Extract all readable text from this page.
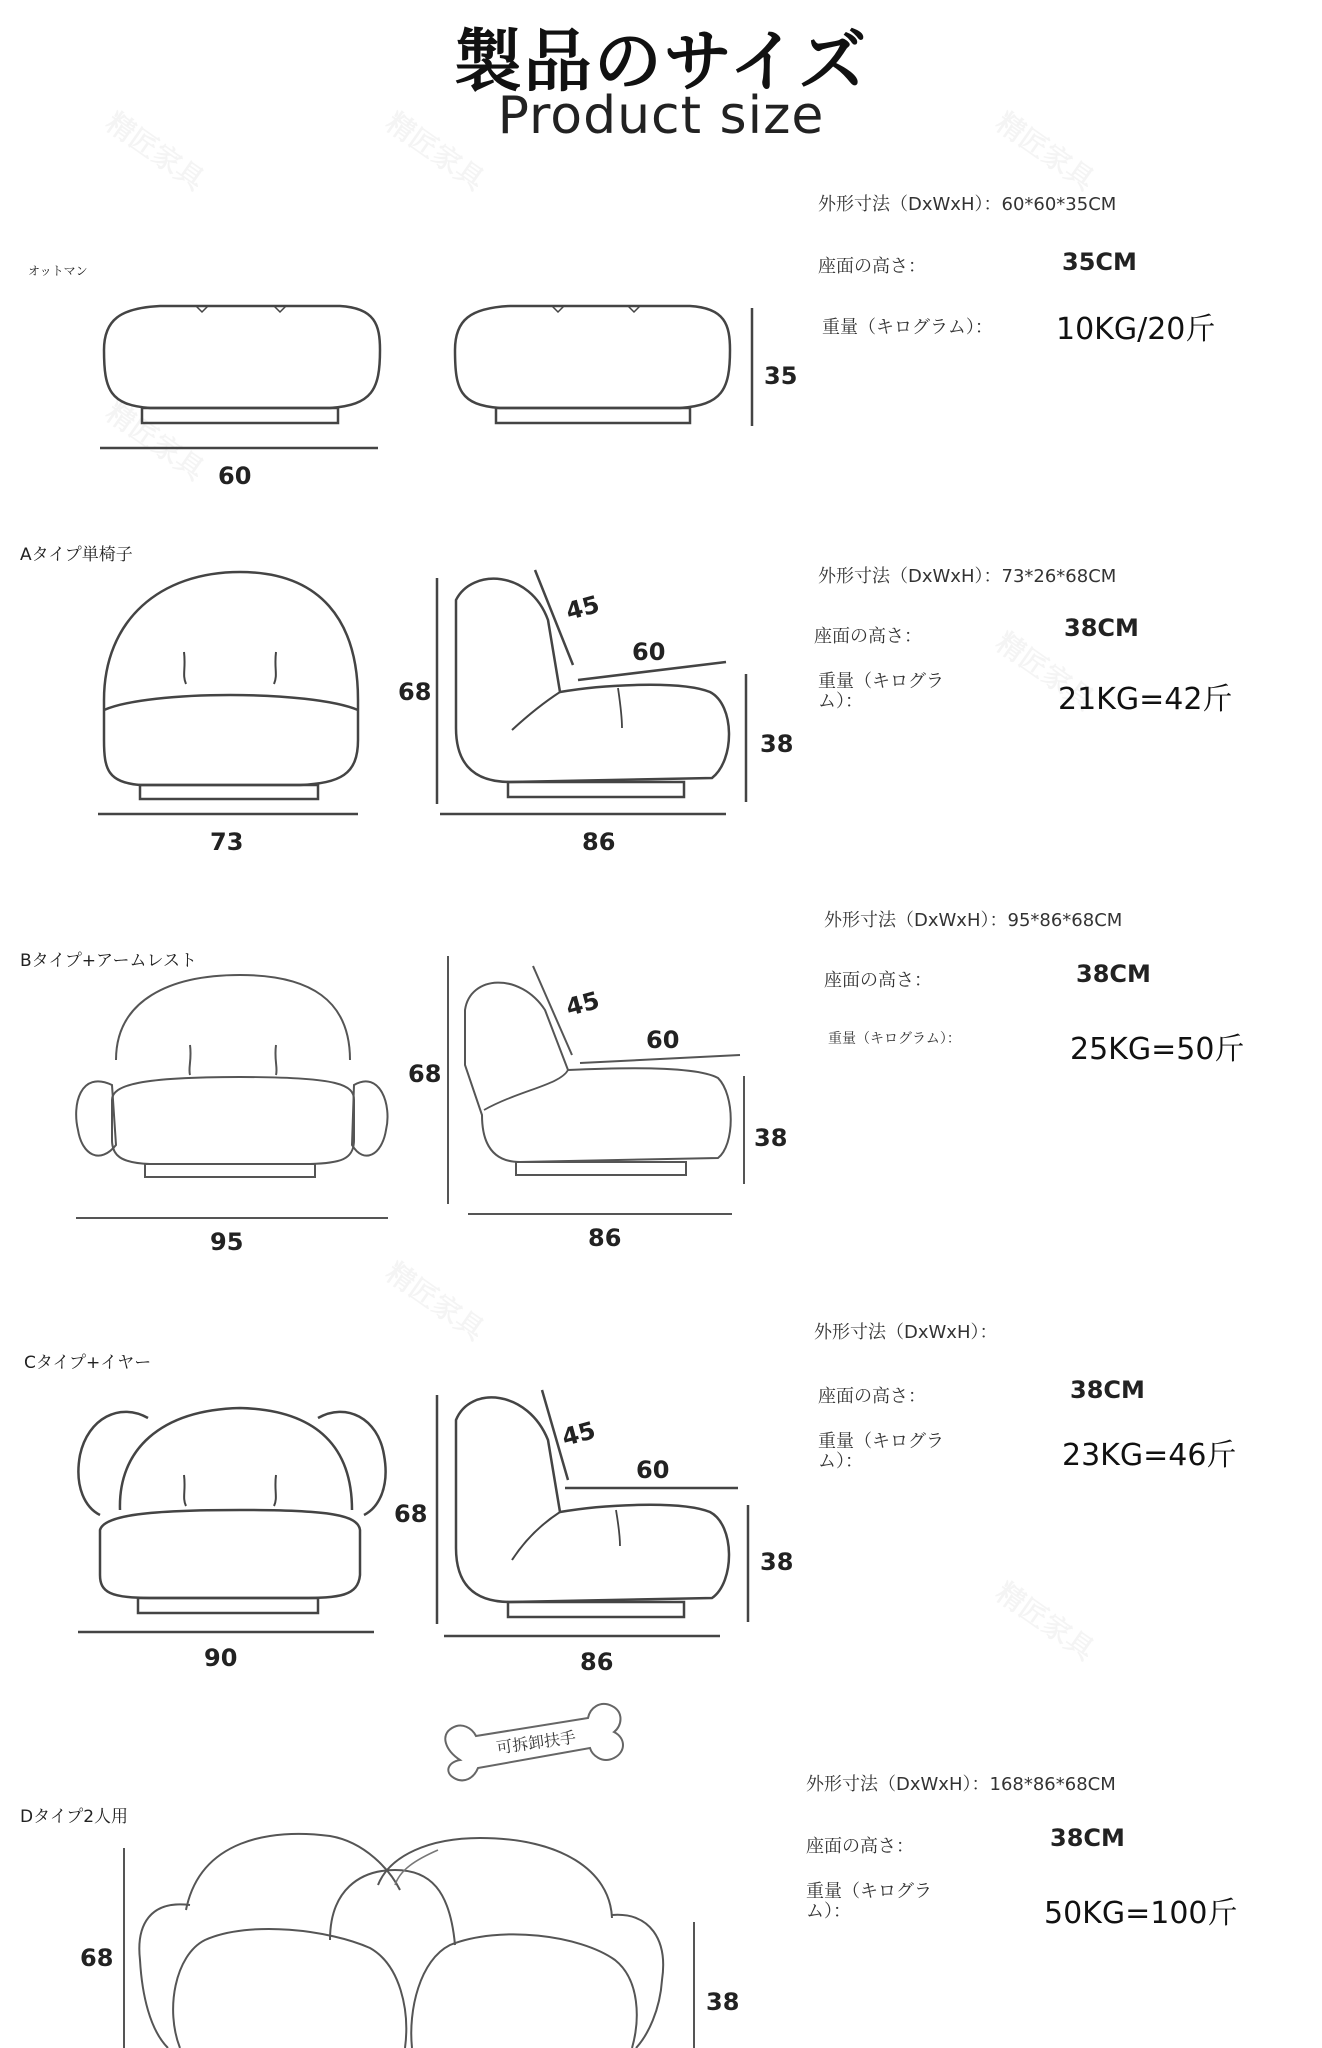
製品のサイズ
Product size
オットマン
外形寸法（DxWxH）：60*60*35CM
座面の高さ：	35CM
重量（キログラム）： 10KG/20斤
60
35
Aタイプ単椅子
外形寸法（DxWxH）：73*26*68CM
座面の高さ：	38CM
重量（キログラム）：	21KG=42斤
73
68
45
60
38
86
可拆卸扶手
Bタイプ+アームレスト
外形寸法（DxWxH）：95*86*68CM
座面の高さ：	38CM
重量（キログラム）：	25KG=50斤
95
68
45
60
38
86
Cタイプ+イヤー
外形寸法（DxWxH）：
座面の高さ：	38CM
重量（キログラム）：	23KG=46斤
90
68
45
60
38
86
Dタイプ2人用
外形寸法（DxWxH）：168*86*68CM
座面の高さ：	38CM
重量（キログラム）：	50KG=100斤
68
38
